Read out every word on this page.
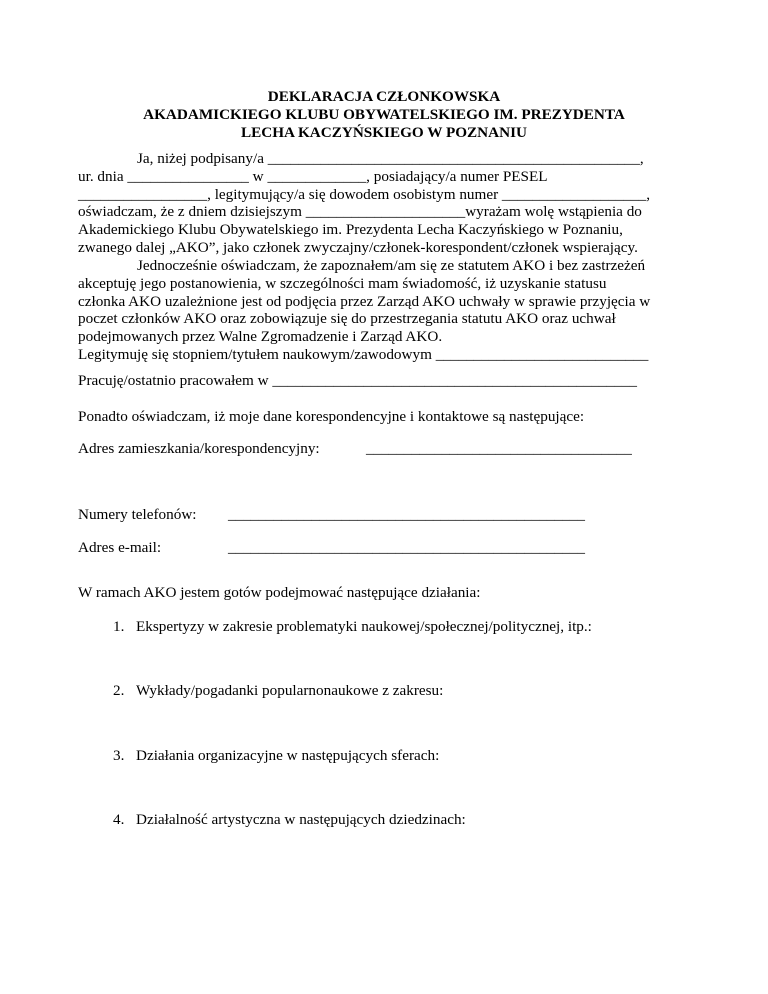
DEKLARACJA CZŁONKOWSKA
AKADAMICKIEGO KLUBU OBYWATELSKIEGO IM. PREZYDENTA
LECHA KACZYŃSKIEGO W POZNANIU
Ja, niżej podpisany/a _________________________________________________,
ur. dnia ________________ w _____________, posiadający/a numer PESEL
_________________, legitymujący/a się dowodem osobistym numer ___________________,
oświadczam, że z dniem dzisiejszym _____________________wyrażam wolę wstąpienia do
Akademickiego Klubu Obywatelskiego im. Prezydenta Lecha Kaczyńskiego w Poznaniu,
zwanego dalej „AKO”, jako członek zwyczajny/członek-korespondent/członek wspierający.
Jednocześnie oświadczam, że zapoznałem/am się ze statutem AKO i bez zastrzeżeń
akceptuję jego postanowienia, w szczególności mam świadomość, iż uzyskanie statusu
członka AKO uzależnione jest od podjęcia przez Zarząd AKO uchwały w sprawie przyjęcia w
poczet członków AKO oraz zobowiązuje się do przestrzegania statutu AKO oraz uchwał
podejmowanych przez Walne Zgromadzenie i Zarząd AKO.
Legitymuję się stopniem/tytułem naukowym/zawodowym ____________________________
Pracuję/ostatnio pracowałem w ________________________________________________
Ponadto oświadczam, iż moje dane korespondencyjne i kontaktowe są następujące:
Adres zamieszkania/korespondencyjny:	___________________________________
Numery telefonów: _______________________________________________
Adres e-mail:	_______________________________________________
W ramach AKO jestem gotów podejmować następujące działania:
1. Ekspertyzy w zakresie problematyki naukowej/społecznej/politycznej, itp.:
2. Wykłady/pogadanki popularnonaukowe z zakresu:
3. Działania organizacyjne w następujących sferach:
4. Działalność artystyczna w następujących dziedzinach:
